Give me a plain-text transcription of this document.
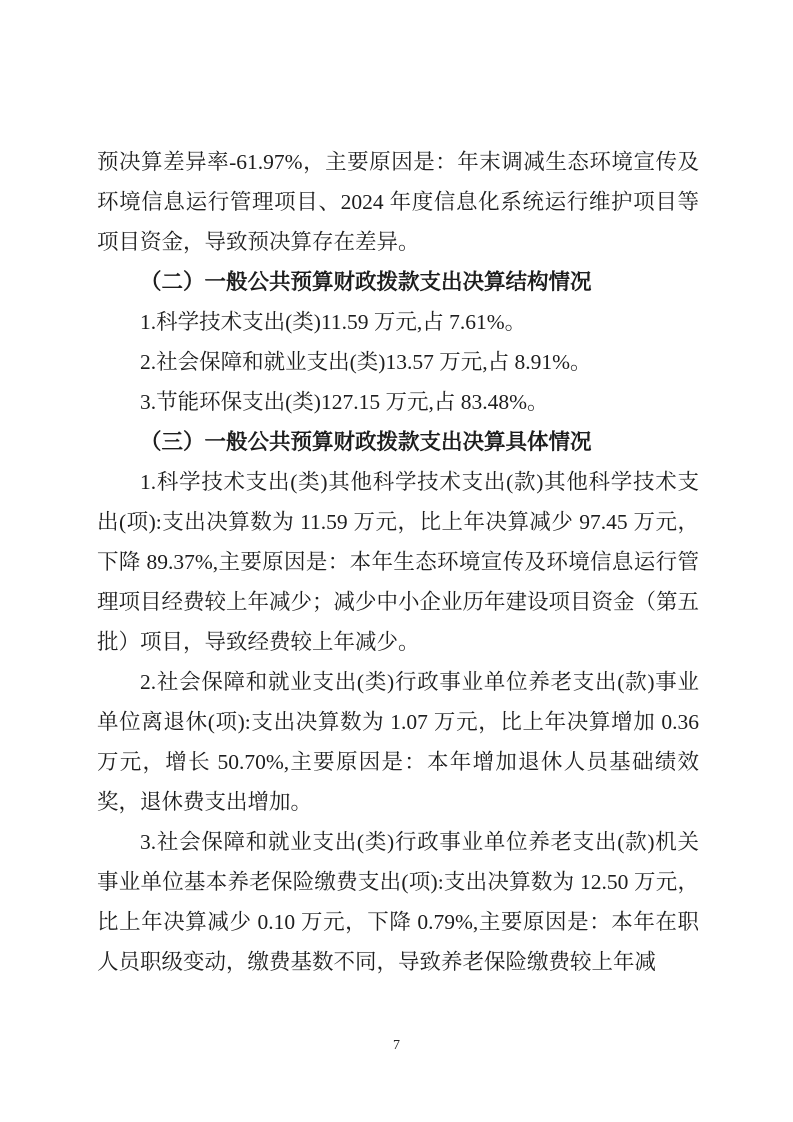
预决算差异率-61.97%，主要原因是：年末调减生态环境宣传及环境信息运行管理项目、2024 年度信息化系统运行维护项目等项目资金，导致预决算存在差异。

（二）一般公共预算财政拨款支出决算结构情况

1.科学技术支出(类)11.59 万元,占 7.61%。

2.社会保障和就业支出(类)13.57 万元,占 8.91%。

3.节能环保支出(类)127.15 万元,占 83.48%。

（三）一般公共预算财政拨款支出决算具体情况

1.科学技术支出(类)其他科学技术支出(款)其他科学技术支出(项):支出决算数为 11.59 万元，比上年决算减少 97.45 万元，下降 89.37%,主要原因是：本年生态环境宣传及环境信息运行管理项目经费较上年减少；减少中小企业历年建设项目资金（第五批）项目，导致经费较上年减少。

2.社会保障和就业支出(类)行政事业单位养老支出(款)事业单位离退休(项):支出决算数为 1.07 万元，比上年决算增加 0.36 万元，增长 50.70%,主要原因是：本年增加退休人员基础绩效奖，退休费支出增加。

3.社会保障和就业支出(类)行政事业单位养老支出(款)机关事业单位基本养老保险缴费支出(项):支出决算数为 12.50 万元，比上年决算减少 0.10 万元，下降 0.79%,主要原因是：本年在职人员职级变动，缴费基数不同，导致养老保险缴费较上年减

7
